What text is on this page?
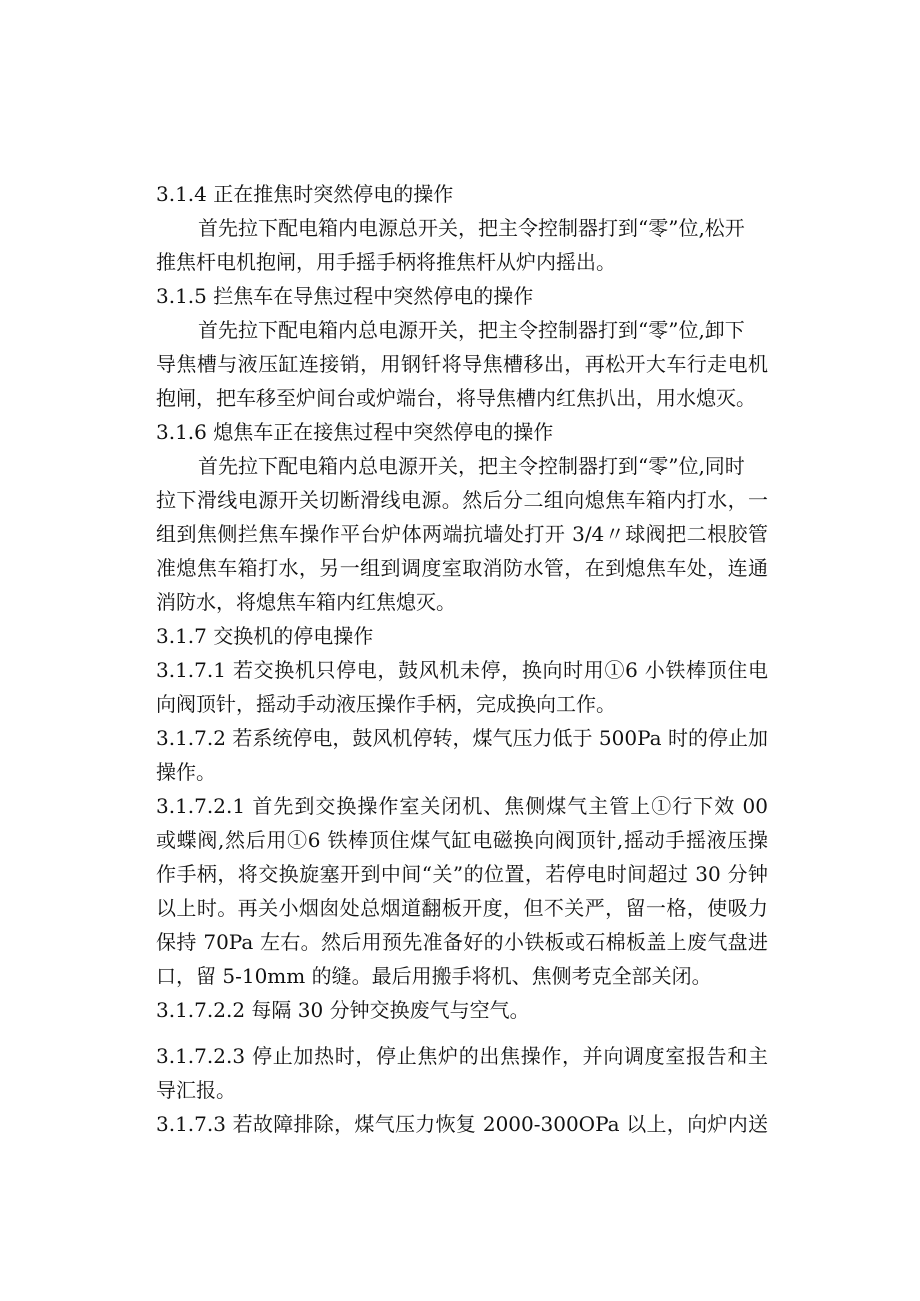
3.1.4 正在推焦时突然停电的操作
首先拉下配电箱内电源总开关，把主令控制器打到“零”位,松开
推焦杆电机抱闸，用手摇手柄将推焦杆从炉内摇出。
3.1.5 拦焦车在导焦过程中突然停电的操作
首先拉下配电箱内总电源开关，把主令控制器打到“零”位,卸下
导焦槽与液压缸连接销，用钢钎将导焦槽移出，再松开大车行走电机
抱闸，把车移至炉间台或炉端台，将导焦槽内红焦扒出，用水熄灭。
3.1.6 熄焦车正在接焦过程中突然停电的操作
首先拉下配电箱内总电源开关，把主令控制器打到“零”位,同时
拉下滑线电源开关切断滑线电源。然后分二组向熄焦车箱内打水，一
组到焦侧拦焦车操作平台炉体两端抗墙处打开 3/4〃球阀把二根胶管
准熄焦车箱打水，另一组到调度室取消防水管，在到熄焦车处，连通
消防水，将熄焦车箱内红焦熄灭。
3.1.7 交换机的停电操作
3.1.7.1 若交换机只停电，鼓风机未停，换向时用①6 小铁棒顶住电
向阀顶针，摇动手动液压操作手柄，完成换向工作。
3.1.7.2 若系统停电，鼓风机停转，煤气压力低于 500Pa 时的停止加
操作。
3.1.7.2.1 首先到交换操作室关闭机、焦侧煤气主管上①行下效 00
或蝶阀,然后用①6 铁棒顶住煤气缸电磁换向阀顶针,摇动手摇液压操
作手柄，将交换旋塞开到中间“关”的位置，若停电时间超过 30 分钟
以上时。再关小烟囱处总烟道翻板开度，但不关严，留一格，使吸力
保持 70Pa 左右。然后用预先准备好的小铁板或石棉板盖上废气盘进
口，留 5-10mm 的缝。最后用搬手将机、焦侧考克全部关闭。
3.1.7.2.2 每隔 30 分钟交换废气与空气。
3.1.7.2.3 停止加热时，停止焦炉的出焦操作，并向调度室报告和主
导汇报。
3.1.7.3 若故障排除，煤气压力恢复 2000-300OPa 以上，向炉内送
